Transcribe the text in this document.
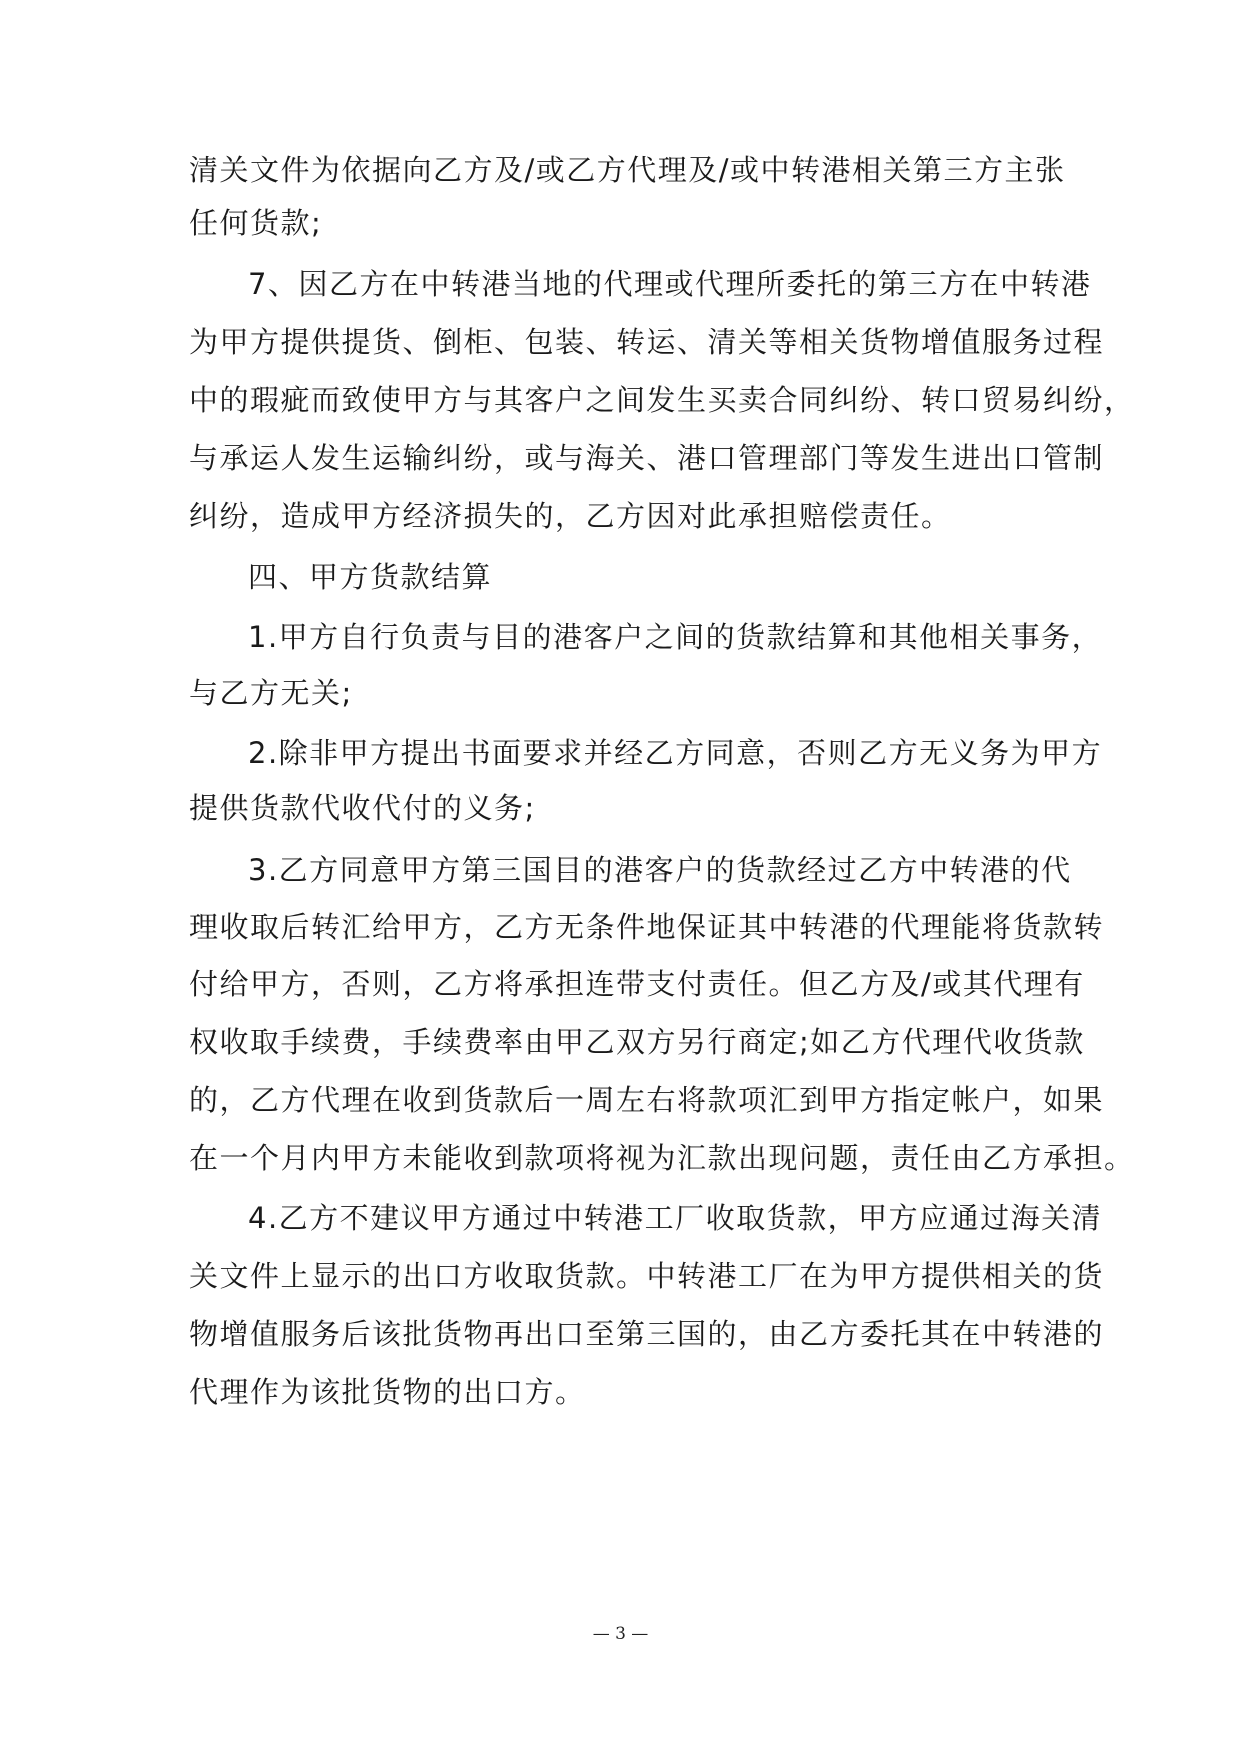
清关文件为依据向乙方及/或乙方代理及/或中转港相关第三方主张
任何货款;
7、因乙方在中转港当地的代理或代理所委托的第三方在中转港
为甲方提供提货、倒柜、包装、转运、清关等相关货物增值服务过程
中的瑕疵而致使甲方与其客户之间发生买卖合同纠纷、转口贸易纠纷，
与承运人发生运输纠纷，或与海关、港口管理部门等发生进出口管制
纠纷，造成甲方经济损失的，乙方因对此承担赔偿责任。
四、甲方货款结算
1.甲方自行负责与目的港客户之间的货款结算和其他相关事务，
与乙方无关;
2.除非甲方提出书面要求并经乙方同意，否则乙方无义务为甲方
提供货款代收代付的义务;
3.乙方同意甲方第三国目的港客户的货款经过乙方中转港的代
理收取后转汇给甲方，乙方无条件地保证其中转港的代理能将货款转
付给甲方，否则，乙方将承担连带支付责任。但乙方及/或其代理有
权收取手续费，手续费率由甲乙双方另行商定;如乙方代理代收货款
的，乙方代理在收到货款后一周左右将款项汇到甲方指定帐户，如果
在一个月内甲方未能收到款项将视为汇款出现问题，责任由乙方承担。
4.乙方不建议甲方通过中转港工厂收取货款，甲方应通过海关清
关文件上显示的出口方收取货款。中转港工厂在为甲方提供相关的货
物增值服务后该批货物再出口至第三国的，由乙方委托其在中转港的
代理作为该批货物的出口方。
— 3 —
